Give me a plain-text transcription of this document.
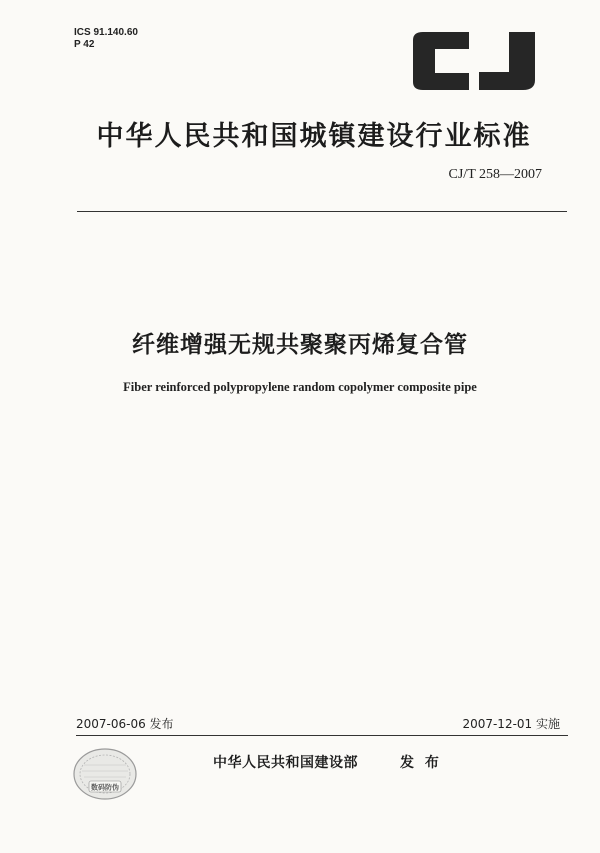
ICS 91.140.60
P 42
CJ
中华人民共和国城镇建设行业标准
CJ/T 258—2007
纤维增强无规共聚聚丙烯复合管
Fiber reinforced polypropylene random copolymer composite pipe
2007-06-06 发布	2007-12-01 实施
数码防伪
中华人民共和国建设部	发 布
